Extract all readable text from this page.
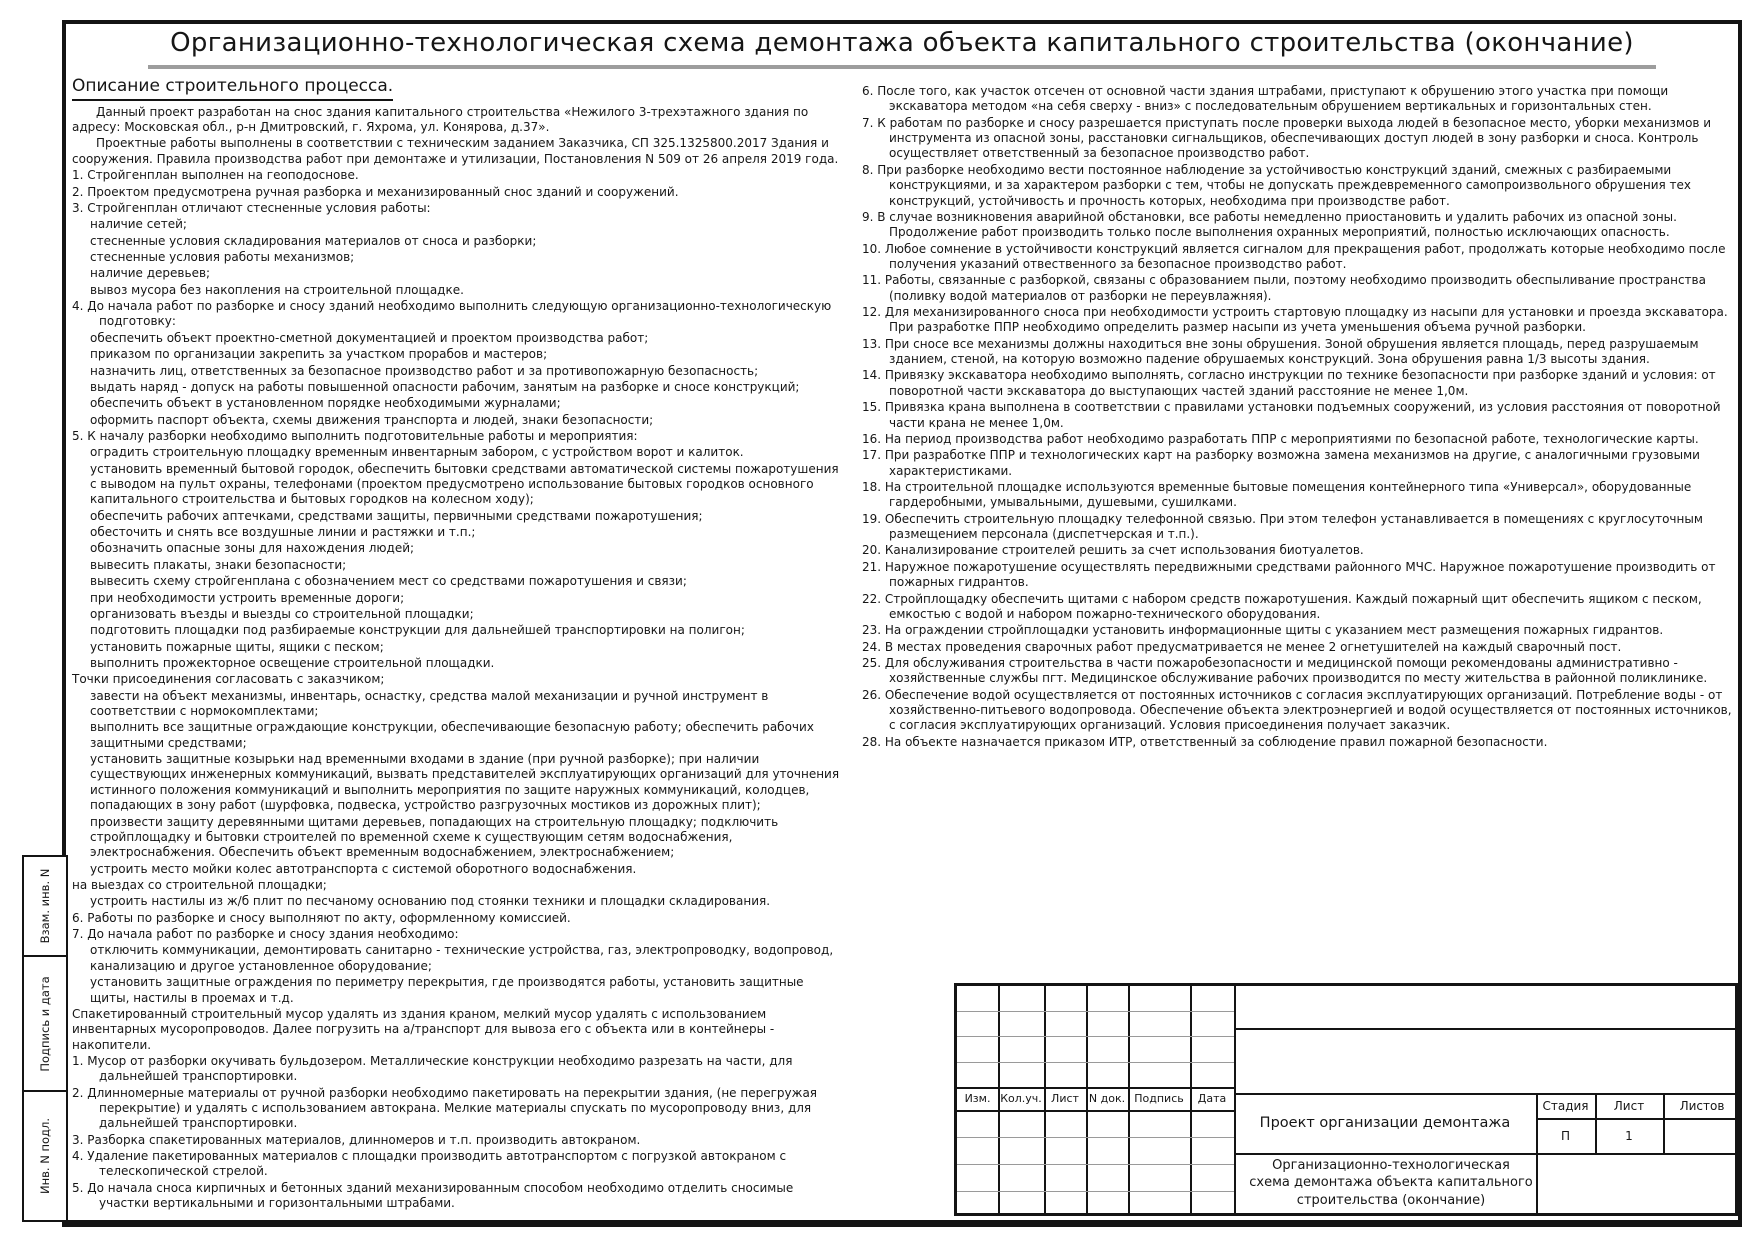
Организационно-технологическая схема демонтажа объекта капитального строительства (окончание)
Описание строительного процесса.
Данный проект разработан на снос здания капитального строительства «Нежилого 3-трехэтажного здания по адресу: Московская обл., р-н Дмитровский, г. Яхрома, ул. Конярова, д.37».
Проектные работы выполнены в соответствии с техническим заданием Заказчика, СП 325.1325800.2017 Здания и сооружения. Правила производства работ при демонтаже и утилизации, Постановления N 509 от 26 апреля 2019 года.
1. Стройгенплан выполнен на геоподоснове.
2. Проектом предусмотрена ручная разборка и механизированный снос зданий и сооружений.
3. Стройгенплан отличают стесненные условия работы:
наличие сетей;
стесненные условия складирования материалов от сноса и разборки;
стесненные условия работы механизмов;
наличие деревьев;
вывоз мусора без накопления на строительной площадке.
4. До начала работ по разборке и сносу зданий необходимо выполнить следующую организационно-технологическую подготовку:
обеспечить объект проектно-сметной документацией и проектом производства работ;
приказом по организации закрепить за участком прорабов и мастеров;
назначить лиц, ответственных за безопасное производство работ и за противопожарную безопасность;
выдать наряд - допуск на работы повышенной опасности рабочим, занятым на разборке и сносе конструкций;
обеспечить объект в установленном порядке необходимыми журналами;
оформить паспорт объекта, схемы движения транспорта и людей, знаки безопасности;
5. К началу разборки необходимо выполнить подготовительные работы и мероприятия:
оградить строительную площадку временным инвентарным забором, с устройством ворот и калиток.
установить временный бытовой городок, обеспечить бытовки средствами автоматической системы пожаротушения с выводом на пульт охраны, телефонами (проектом предусмотрено использование бытовых городков основного капитального строительства и бытовых городков на колесном ходу);
обеспечить рабочих аптечками, средствами защиты, первичными средствами пожаротушения;
обесточить и снять все воздушные линии и растяжки и т.п.;
обозначить опасные зоны для нахождения людей;
вывесить плакаты, знаки безопасности;
вывесить схему стройгенплана с обозначением мест со средствами пожаротушения и связи;
при необходимости устроить временные дороги;
организовать въезды и выезды со строительной площадки;
подготовить площадки под разбираемые конструкции для дальнейшей транспортировки на полигон;
установить пожарные щиты, ящики с песком;
выполнить прожекторное освещение строительной площадки.
Точки присоединения согласовать с заказчиком;
завести на объект механизмы, инвентарь, оснастку, средства малой механизации и ручной инструмент в соответствии с нормокомплектами;
выполнить все защитные ограждающие конструкции, обеспечивающие безопасную работу; обеспечить рабочих защитными средствами;
установить защитные козырьки над временными входами в здание (при ручной разборке); при наличии существующих инженерных коммуникаций, вызвать представителей эксплуатирующих организаций для уточнения истинного положения коммуникаций и выполнить мероприятия по защите наружных коммуникаций, колодцев, попадающих в зону работ (шурфовка, подвеска, устройство разгрузочных мостиков из дорожных плит);
произвести защиту деревянными щитами деревьев, попадающих на строительную площадку; подключить стройплощадку и бытовки строителей по временной схеме к существующим сетям водоснабжения, электроснабжения. Обеспечить объект временным водоснабжением, электроснабжением;
устроить место мойки колес автотранспорта с системой оборотного водоснабжения.
на выездах со строительной площадки;
устроить настилы из ж/б плит по песчаному основанию под стоянки техники и площадки складирования.
6. Работы по разборке и сносу выполняют по акту, оформленному комиссией.
7. До начала работ по разборке и сносу здания необходимо:
отключить коммуникации, демонтировать санитарно - технические устройства, газ, электропроводку, водопровод, канализацию и другое установленное оборудование;
установить защитные ограждения по периметру перекрытия, где производятся работы, установить защитные щиты, настилы в проемах и т.д.
Спакетированный строительный мусор удалять из здания краном, мелкий мусор удалять с использованием инвентарных мусоропроводов. Далее погрузить на а/транспорт для вывоза его с объекта или в контейнеры - накопители.
1. Мусор от разборки окучивать бульдозером. Металлические конструкции необходимо разрезать на части, для дальнейшей транспортировки.
2. Длинномерные материалы от ручной разборки необходимо пакетировать на перекрытии здания, (не перегружая перекрытие) и удалять с использованием автокрана. Мелкие материалы спускать по мусоропроводу вниз, для дальнейшей транспортировки.
3. Разборка спакетированных материалов, длинномеров и т.п. производить автокраном.
4. Удаление пакетированных материалов с площадки производить автотранспортом с погрузкой автокраном с телескопической стрелой.
5. До начала сноса кирпичных и бетонных зданий механизированным способом необходимо отделить сносимые участки вертикальными и горизонтальными штрабами.
6. После того, как участок отсечен от основной части здания штрабами, приступают к обрушению этого участка при помощи экскаватора методом «на себя сверху - вниз» с последовательным обрушением вертикальных и горизонтальных стен.
7. К работам по разборке и сносу разрешается приступать после проверки выхода людей в безопасное место, уборки механизмов и инструмента из опасной зоны, расстановки сигнальщиков, обеспечивающих доступ людей в зону разборки и сноса. Контроль осуществляет ответственный за безопасное производство работ.
8. При разборке необходимо вести постоянное наблюдение за устойчивостью конструкций зданий, смежных с разбираемыми конструкциями, и за характером разборки с тем, чтобы не допускать преждевременного самопроизвольного обрушения тех конструкций, устойчивость и прочность которых, необходима при производстве работ.
9. В случае возникновения аварийной обстановки, все работы немедленно приостановить и удалить рабочих из опасной зоны. Продолжение работ производить только после выполнения охранных мероприятий, полностью исключающих опасность.
10. Любое сомнение в устойчивости конструкций является сигналом для прекращения работ, продолжать которые необходимо после получения указаний отвественного за безопасное производство работ.
11. Работы, связанные с разборкой, связаны с образованием пыли, поэтому необходимо производить обеспыливание пространства (поливку водой материалов от разборки не переувлажняя).
12. Для механизированного сноса при необходимости устроить стартовую площадку из насыпи для установки и проезда экскаватора. При разработке ППР необходимо определить размер насыпи из учета уменьшения объема ручной разборки.
13. При сносе все механизмы должны находиться вне зоны обрушения. Зоной обрушения является площадь, перед разрушаемым зданием, стеной, на которую возможно падение обрушаемых конструкций. Зона обрушения равна 1/3 высоты здания.
14. Привязку экскаватора необходимо выполнять, согласно инструкции по технике безопасности при разборке зданий и условия: от поворотной части экскаватора до выступающих частей зданий расстояние не менее 1,0м.
15. Привязка крана выполнена в соответствии с правилами установки подъемных сооружений, из условия расстояния от поворотной части крана не менее 1,0м.
16. На период производства работ необходимо разработать ППР с мероприятиями по безопасной работе, технологические карты.
17. При разработке ППР и технологических карт на разборку возможна замена механизмов на другие, с аналогичными грузовыми характеристиками.
18. На строительной площадке используются временные бытовые помещения контейнерного типа «Универсал», оборудованные гардеробными, умывальными, душевыми, сушилками.
19. Обеспечить строительную площадку телефонной связью. При этом телефон устанавливается в помещениях с круглосуточным размещением персонала (диспетчерская и т.п.).
20. Канализирование строителей решить за счет использования биотуалетов.
21. Наружное пожаротушение осуществлять передвижными средствами районного МЧС. Наружное пожаротушение производить от пожарных гидрантов.
22. Стройплощадку обеспечить щитами с набором средств пожаротушения. Каждый пожарный щит обеспечить ящиком с песком, емкостью с водой и набором пожарно-технического оборудования.
23. На ограждении стройплощадки установить информационные щиты с указанием мест размещения пожарных гидрантов.
24. В местах проведения сварочных работ предусматривается не менее 2 огнетушителей на каждый сварочный пост.
25. Для обслуживания строительства в части пожаробезопасности и медицинской помощи рекомендованы административно - хозяйственные службы пгт. Медицинское обслуживание рабочих производится по месту жительства в районной поликлинике.
26. Обеспечение водой осуществляется от постоянных источников с согласия эксплуатирующих организаций. Потребление воды - от хозяйственно-питьевого водопровода. Обеспечение объекта электроэнергией и водой осуществляется от постоянных источников, с согласия эксплуатирующих организаций. Условия присоединения получает заказчик.
28. На объекте назначается приказом ИТР, ответственный за соблюдение правил пожарной безопасности.
Взам. инв. N
Подпись и дата
Инв. N подл.
Изм. Кол.уч. Лист N док. Подпись	Дата
Проект организации демонтажа
Стадия	Лист	Листов
П	1
Организационно-технологическая
схема демонтажа объекта капитального
строительства (окончание)
